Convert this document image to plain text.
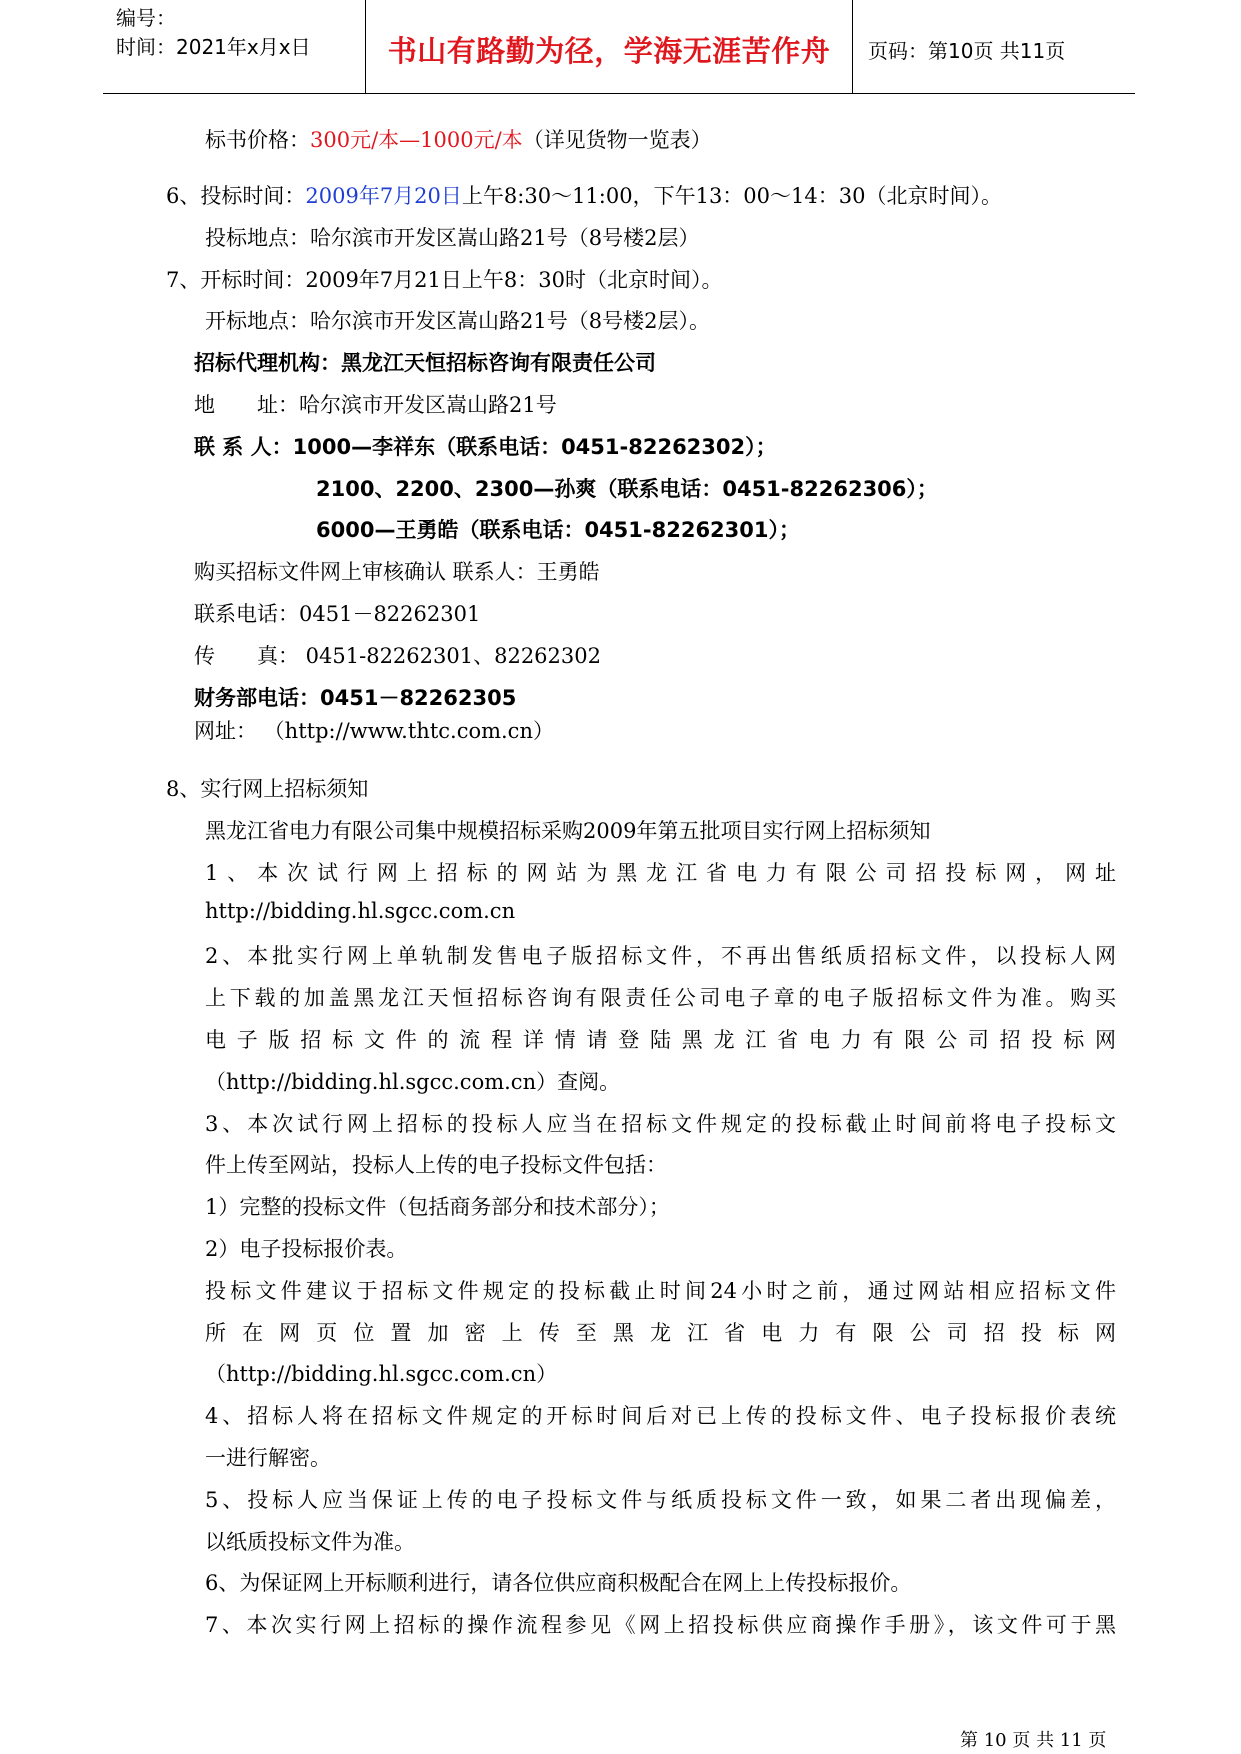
编号：
时间：2021年x月x日	书山有路勤为径，学海无涯苦作舟	页码：第10页 共11页
标书价格：300元/本—1000元/本（详见货物一览表）
6、投标时间：2009年7月20日上午8:30～11:00，下午13：00～14：30（北京时间）。
投标地点：哈尔滨市开发区嵩山路21号（8号楼2层）
7、开标时间：2009年7月21日上午8：30时（北京时间）。
开标地点：哈尔滨市开发区嵩山路21号（8号楼2层）。
招标代理机构：黑龙江天恒招标咨询有限责任公司
地　　址：哈尔滨市开发区嵩山路21号
联 系 人：1000—李祥东（联系电话：0451-82262302）；
2100、2200、2300—孙爽（联系电话：0451-82262306）；
6000—王勇皓（联系电话：0451-82262301）；
购买招标文件网上审核确认 联系人：王勇皓
联系电话：0451－82262301
传　　真： 0451-82262301、82262302
财务部电话：0451－82262305
网址： （http://www.thtc.com.cn）
8、实行网上招标须知
黑龙江省电力有限公司集中规模招标采购2009年第五批项目实行网上招标须知
1、本次试行网上招标的网站为黑龙江省电力有限公司招投标网，网址
http://bidding.hl.sgcc.com.cn
2、本批实行网上单轨制发售电子版招标文件，不再出售纸质招标文件，以投标人网
上下载的加盖黑龙江天恒招标咨询有限责任公司电子章的电子版招标文件为准。购买
电子版招标文件的流程详情请登陆黑龙江省电力有限公司招投标网
（http://bidding.hl.sgcc.com.cn）查阅。
3、本次试行网上招标的投标人应当在招标文件规定的投标截止时间前将电子投标文
件上传至网站，投标人上传的电子投标文件包括：
1）完整的投标文件（包括商务部分和技术部分）；
2）电子投标报价表。
投标文件建议于招标文件规定的投标截止时间24小时之前，通过网站相应招标文件
所在网页位置加密上传至黑龙江省电力有限公司招投标网
（http://bidding.hl.sgcc.com.cn）
4、招标人将在招标文件规定的开标时间后对已上传的投标文件、电子投标报价表统
一进行解密。
5、投标人应当保证上传的电子投标文件与纸质投标文件一致，如果二者出现偏差，
以纸质投标文件为准。
6、为保证网上开标顺利进行，请各位供应商积极配合在网上上传投标报价。
7、本次实行网上招标的操作流程参见《网上招投标供应商操作手册》，该文件可于黑
第 10 页 共 11 页
